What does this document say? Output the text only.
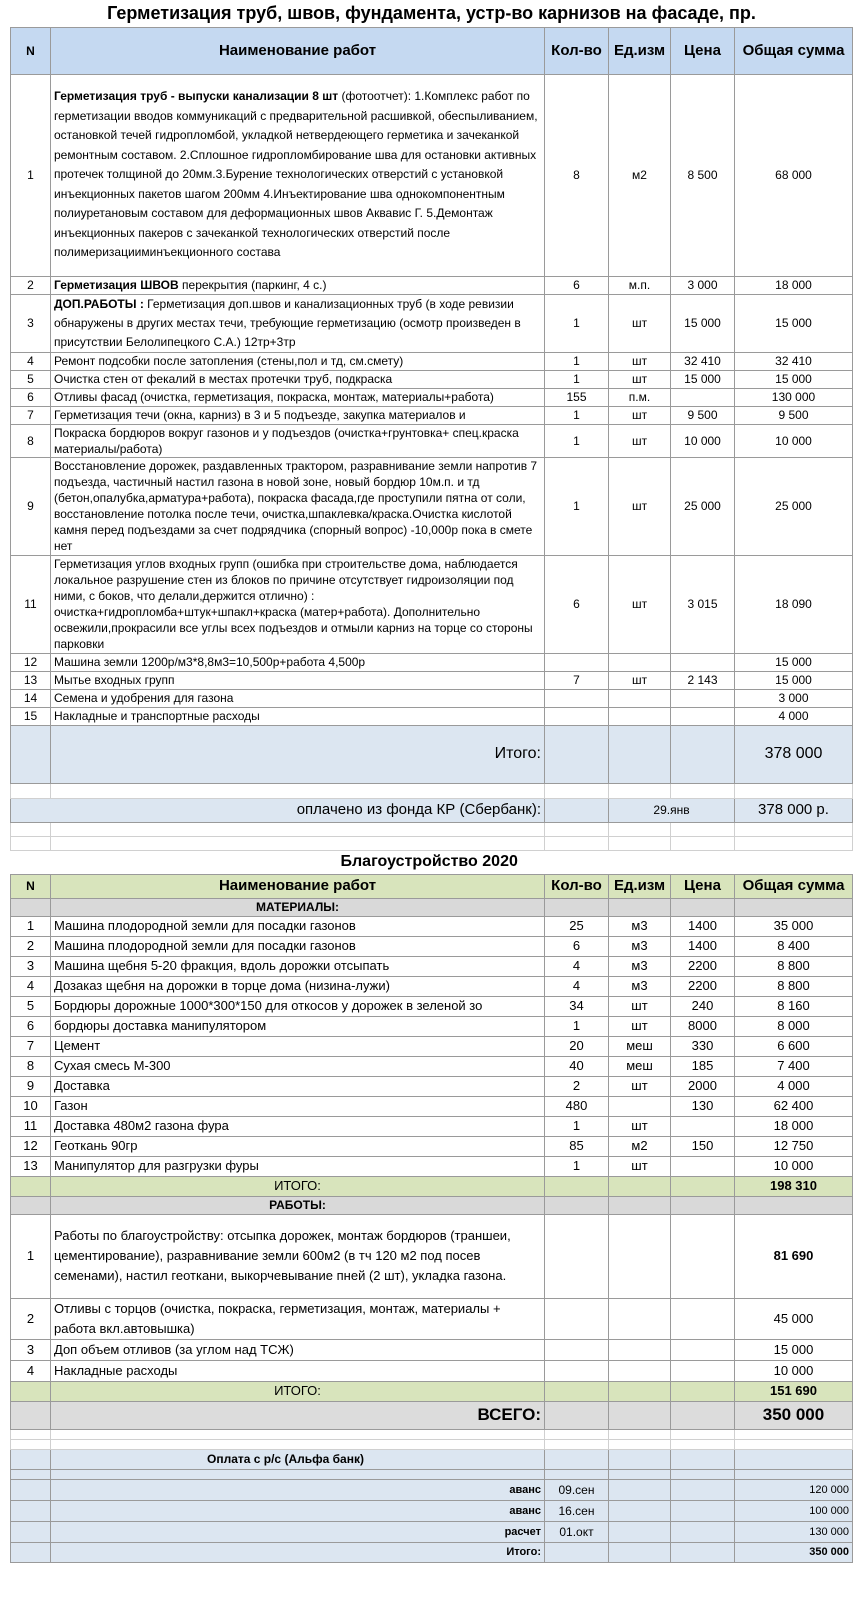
Герметизация труб, швов, фундамента, устр-во карнизов на фасаде, пр.					
N	Наименование работ	Кол-во	Ед.изм	Цена	Общая сумма
1	Герметизация труб - выпуски канализации 8 шт (фотоотчет): 1.Комплекс работ по герметизации вводов коммуникаций с предварительной расшивкой, обеспыливанием, остановкой течей гидропломбой, укладкой нетвердеющего герметика и зачеканкой ремонтным составом. 2.Сплошное гидропломбирование шва для остановки активных протечек толщиной до 20мм.3.Бурение технологических отверстий с установкой инъекционных пакетов шагом 200мм 4.Инъектирование шва однокомпонентным полиуретановым составом для деформационных швов Аквавис Г. 5.Демонтаж инъекционных пакеров с зачеканкой технологических отверстий после полимеризацииминъекционного состава	8	м2	8 500	68 000
2	Герметизация ШВОВ перекрытия (паркинг, 4 с.)	6	м.п.	3 000	18 000
3	ДОП.РАБОТЫ : Герметизация доп.швов и канализационных труб (в ходе ревизии обнаружены в других местах течи, требующие герметизацию (осмотр произведен в присутствии Белолипецкого С.А.) 12тр+3тр	1	шт	15 000	15 000
4	Ремонт подсобки после затопления (стены,пол и тд, см.смету)	1	шт	32 410	32 410
5	Очистка стен от фекалий в местах протечки труб, подкраска	1	шт	15 000	15 000
6	Отливы фасад (очистка, герметизация, покраска, монтаж, материалы+работа)	155	п.м.		130 000
7	Герметизация течи (окна, карниз) в 3 и 5 подъезде, закупка материалов и	1	шт	9 500	9 500
8	Покраска бордюров вокруг газонов и у подъездов (очистка+грунтовка+ спец.краска материалы/работа)	1	шт	10 000	10 000
9	Восстановление дорожек, раздавленных трактором, разравнивание земли напротив 7 подъезда, частичный настил газона в новой зоне, новый бордюр 10м.п. и тд (бетон,опалубка,арматура+работа), покраска фасада,где проступили пятна от соли, восстановление потолка после течи, очистка,шпаклевка/краска.Очистка кислотой камня перед подъездами за счет подрядчика (спорный вопрос) -10,000р пока в смете нет	1	шт	25 000	25 000
11	Герметизация углов входных групп (ошибка при строительстве дома, наблюдается локальное разрушение стен из блоков по причине отсутствует гидроизоляции под ними, с боков, что делали,держится отлично) : очистка+гидропломба+штук+шпакл+краска (матер+работа). Дополнительно освежили,прокрасили все углы всех подъездов и отмыли карниз на торце со стороны парковки	6	шт	3 015	18 090
12	Машина земли 1200р/м3*8,8м3=10,500р+работа 4,500р				15 000
13	Мытье входных групп	7	шт	2 143	15 000
14	Семена и удобрения для газона				3 000
15	Накладные и транспортные расходы				4 000
	Итого:				378 000

оплачено из фонда КР (Сбербанк):			29.янв		378 000 р.

	Благоустройство 2020				
N	Наименование работ	Кол-во	Ед.изм	Цена	Общая сумма
	МАТЕРИАЛЫ:				
1	Машина плодородной земли для посадки газонов	25	м3	1400	35 000
2	Машина плодородной земли для посадки газонов	6	м3	1400	8 400
3	Машина щебня 5-20 фракция, вдоль дорожки отсыпать	4	м3	2200	8 800
4	Дозаказ щебня на дорожки в торце дома (низина-лужи)	4	м3	2200	8 800
5	Бордюры дорожные 1000*300*150 для откосов у дорожек в зеленой зо	34	шт	240	8 160
6	бордюры доставка манипулятором	1	шт	8000	8 000
7	Цемент	20	меш	330	6 600
8	Сухая смесь М-300	40	меш	185	7 400
9	Доставка	2	шт	2000	4 000
10	Газон	480		130	62 400
11	Доставка 480м2 газона фура	1	шт		18 000
12	Геоткань 90гр	85	м2	150	12 750
13	Манипулятор для разгрузки фуры	1	шт		10 000
	ИТОГО:				198 310
	РАБОТЫ:				
1	Работы по благоустройству: отсыпка дорожек, монтаж бордюров (траншеи, цементирование), разравнивание земли 600м2 (в тч 120 м2 под посев семенами), настил геоткани, выкорчевывание пней (2 шт), укладка газона.				81 690
2	Отливы с торцов (очистка, покраска, герметизация, монтаж, материалы + работа вкл.автовышка)				45 000
3	Доп объем отливов (за углом над ТСЖ)				15 000
4	Накладные расходы				10 000
	ИТОГО:				151 690
	ВСЕГО:				350 000

	Оплата с р/с (Альфа банк)				

	аванс	09.сен			120 000
	аванс	16.сен			100 000
	расчет	01.окт			130 000
	Итого:				350 000
